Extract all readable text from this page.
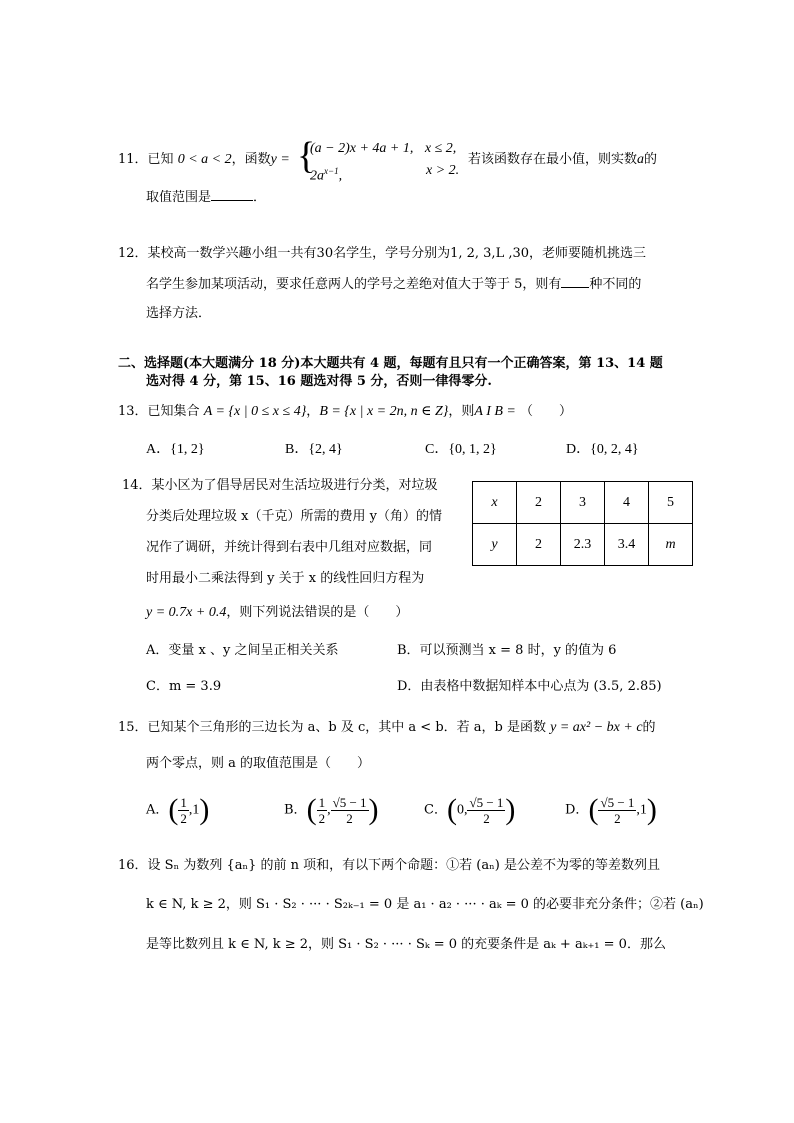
11．已知 0 < a < 2，函数y = {
(a − 2)x + 4a + 1, x ≤ 2,
$2a^{x-1}$,	x > 2.
若该函数存在最小值，则实数a的
取值范围是	．
12．某校高一数学兴趣小组一共有30名学生，学号分别为1, 2, 3,L ,30，老师要随机挑选三
名学生参加某项活动，要求任意两人的学号之差绝对值大于等于 5，则有 种不同的
选择方法．
二、选择题(本大题满分 18 分)本大题共有 4 题，每题有且只有一个正确答案，第 13、14 题
选对得 4 分，第 15、16 题选对得 5 分，否则一律得零分.
13．已知集合 A = {x | 0 ≤ x ≤ 4}，B = {x | x = 2n, n ∈ Z}，则A I B = （　　）
A．{1, 2}	B．{2, 4}	C．{0, 1, 2}	D．{0, 2, 4}
14．某小区为了倡导居民对生活垃圾进行分类，对垃圾
分类后处理垃圾 x（千克）所需的费用 y（角）的情
况作了调研，并统计得到右表中几组对应数据，同
时用最小二乘法得到 y 关于 x 的线性回归方程为
y = 0.7x + 0.4，则下列说法错误的是（　　）
x	2	3	4	5
y	2	2.3	3.4	m
A．变量 x 、y 之间呈正相关关系	B．可以预测当 x = 8 时，y 的值为 6
C．m = 3.9	D．由表格中数据知样本中心点为 (3.5, 2.85)
15．已知某个三角形的三边长为 a、b 及 c，其中 a < b．若 a，b 是函数 y = ax² − bx + c的
两个零点，则 a 的取值范围是（　　）
A．( $\frac{1}{2} ,1$)	B．( $\frac{1}{2}$ , $\frac{√5 - 1}{2}$ )	C．(0, $\frac{√5 - 1}{2}$ )	D．( $\frac{√5 - 1}{2} ,1$)
16．设 Sₙ 为数列 {aₙ} 的前 n 项和，有以下两个命题：①若 (aₙ) 是公差不为零的等差数列且
k ∈ N, k ≥ 2，则 S₁ · S₂ · ··· · S₂ₖ₋₁ = 0 是 a₁ · a₂ · ··· · aₖ = 0 的必要非充分条件；②若 (aₙ)
是等比数列且 k ∈ N, k ≥ 2，则 S₁ · S₂ · ··· · Sₖ = 0 的充要条件是 aₖ + aₖ₊₁ = 0．那么
